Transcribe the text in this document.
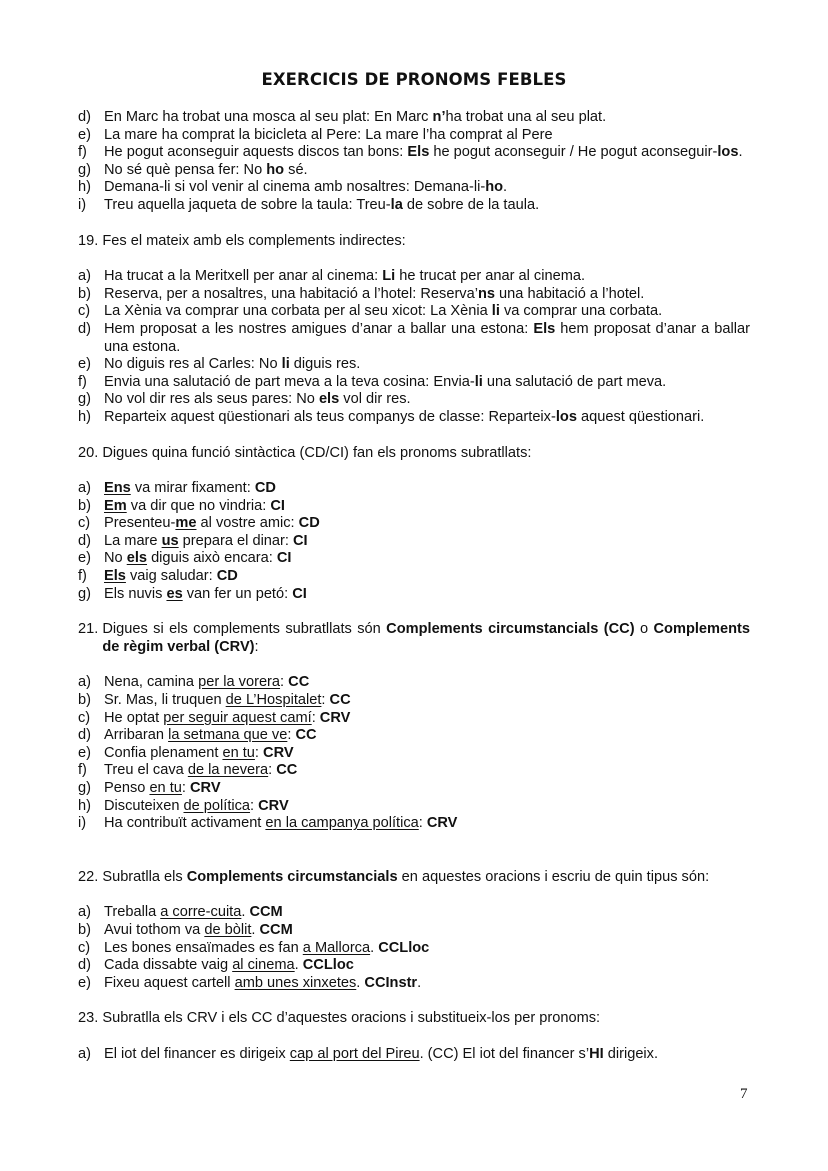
EXERCICIS DE PRONOMS FEBLES
d) En Marc ha trobat una mosca al seu plat: En Marc n’ha trobat una al seu plat.
e) La mare ha comprat la bicicleta al Pere: La mare l’ha comprat al Pere
f)	He pogut aconseguir aquests discos tan bons: Els he pogut aconseguir / He pogut aconseguir-los.
g) No sé què pensa fer: No ho sé.
h) Demana-li si vol venir al cinema amb nosaltres: Demana-li-ho.
i)	Treu aquella jaqueta de sobre la taula: Treu-la de sobre de la taula.
19. Fes el mateix amb els complements indirectes:
a) Ha trucat a la Meritxell per anar al cinema: Li he trucat per anar al cinema.
b) Reserva, per a nosaltres, una habitació a l’hotel: Reserva’ns una habitació a l’hotel.
c) La Xènia va comprar una corbata per al seu xicot: La Xènia li va comprar una corbata.
d) Hem proposat a les nostres amigues d’anar a ballar una estona: Els hem proposat d’anar a ballar una estona.
e) No diguis res al Carles: No li diguis res.
f)	Envia una salutació de part meva a la teva cosina: Envia-li una salutació de part meva.
g) No vol dir res als seus pares: No els vol dir res.
h) Reparteix aquest qüestionari als teus companys de classe: Reparteix-los aquest qüestionari.
20. Digues quina funció sintàctica (CD/CI) fan els pronoms subratllats:
a) Ens va mirar fixament: CD
b) Em va dir que no vindria: CI
c) Presenteu-me al vostre amic: CD
d) La mare us prepara el dinar: CI
e) No els diguis això encara: CI
f)	Els vaig saludar: CD
g) Els nuvis es van fer un petó: CI
21. Digues si els complements subratllats són Complements circumstancials (CC) o Complements de règim verbal (CRV):
a) Nena, camina per la vorera: CC
b) Sr. Mas, li truquen de L’Hospitalet: CC
c) He optat per seguir aquest camí: CRV
d) Arribaran la setmana que ve: CC
e) Confia plenament en tu: CRV
f)	Treu el cava de la nevera: CC
g) Penso en tu: CRV
h) Discuteixen de política: CRV
i)	Ha contribuït activament en la campanya política: CRV
22. Subratlla els Complements circumstancials en aquestes oracions i escriu de quin tipus són:
a) Treballa a corre-cuita. CCM
b) Avui tothom va de bòlit. CCM
c) Les bones ensaïmades es fan a Mallorca. CCLloc
d) Cada dissabte vaig al cinema. CCLloc
e) Fixeu aquest cartell amb unes xinxetes. CCInstr.
23. Subratlla els CRV i els CC d’aquestes oracions i substitueix-los per pronoms:
a) El iot del financer es dirigeix cap al port del Pireu. (CC) El iot del financer s’HI dirigeix.
7
